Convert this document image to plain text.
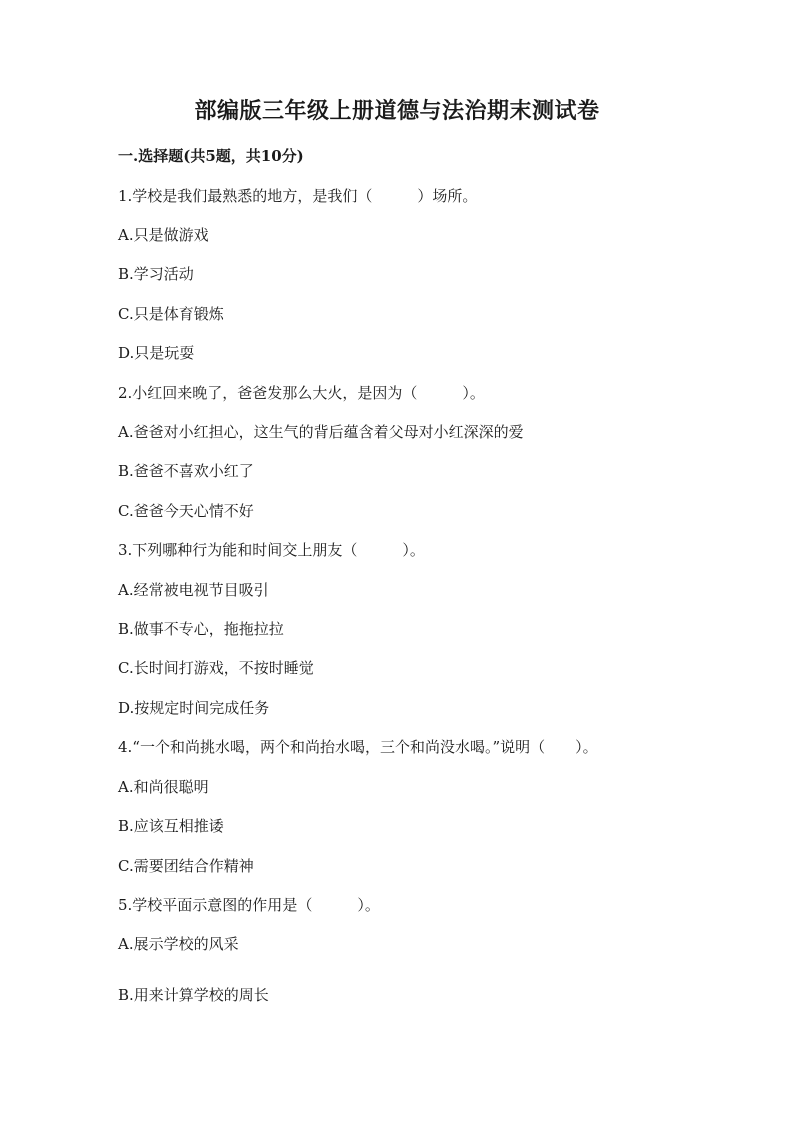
部编版三年级上册道德与法治期末测试卷
一.选择题(共5题，共10分)
1.学校是我们最熟悉的地方，是我们（　　　）场所。
A.只是做游戏
B.学习活动
C.只是体育锻炼
D.只是玩耍
2.小红回来晚了，爸爸发那么大火，是因为（　　　）。
A.爸爸对小红担心，这生气的背后蕴含着父母对小红深深的爱
B.爸爸不喜欢小红了
C.爸爸今天心情不好
3.下列哪种行为能和时间交上朋友（　　　）。
A.经常被电视节目吸引
B.做事不专心，拖拖拉拉
C.长时间打游戏，不按时睡觉
D.按规定时间完成任务
4.“一个和尚挑水喝，两个和尚抬水喝，三个和尚没水喝。”说明（　　）。
A.和尚很聪明
B.应该互相推诿
C.需要团结合作精神
5.学校平面示意图的作用是（　　　）。
A.展示学校的风采
B.用来计算学校的周长
